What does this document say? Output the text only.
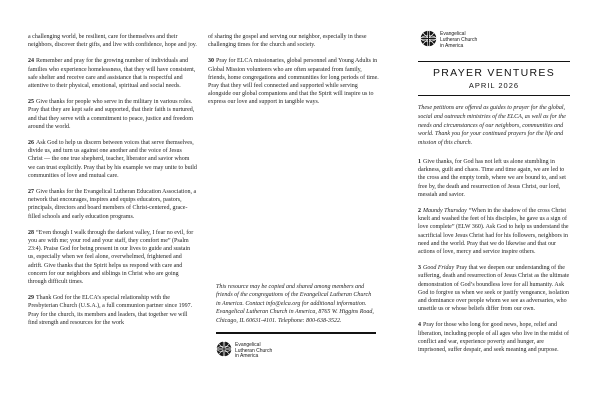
a challenging world, be resilient, care for themselves and their neighbors, discover their gifts, and live with confidence, hope and joy.

24 Remember and pray for the growing number of individuals and families who experience homelessness, that they will have consistent, safe shelter and receive care and assistance that is respectful and attentive to their physical, emotional, spiritual and social needs.

25 Give thanks for people who serve in the military in various roles. Pray that they are kept safe and supported, that their faith is nurtured, and that they serve with a commitment to peace, justice and freedom around the world.

26 Ask God to help us discern between voices that serve themselves, divide us, and turn us against one another and the voice of Jesus Christ — the one true shepherd, teacher, liberator and savior whom we can trust explicitly. Pray that by his example we may unite to build communities of love and mutual care.

27 Give thanks for the Evangelical Lutheran Education Association, a network that encourages, inspires and equips educators, pastors, principals, directors and board members of Christ-centered, grace-filled schools and early education programs.

28 “Even though I walk through the darkest valley, I fear no evil, for you are with me; your rod and your staff, they comfort me” (Psalm 23:4). Praise God for being present in our lives to guide and sustain us, especially when we feel alone, overwhelmed, frightened and adrift. Give thanks that the Spirit helps us respond with care and concern for our neighbors and siblings in Christ who are going through difficult times.

29 Thank God for the ELCA’s special relationship with the Presbyterian Church (U.S.A.), a full communion partner since 1997. Pray for the church, its members and leaders, that together we will find strength and resources for the work

of sharing the gospel and serving our neighbor, especially in these challenging times for the church and society.

30 Pray for ELCA missionaries, global personnel and Young Adults in Global Mission volunteers who are often separated from family, friends, home congregations and communities for long periods of time. Pray that they will feel connected and supported while serving alongside our global companions and that the Spirit will inspire us to express our love and support in tangible ways.

This resource may be copied and shared among members and friends of the congregations of the Evangelical Lutheran Church in America. Contact info@elca.org for additional information. Evangelical Lutheran Church in America, 8765 W. Higgins Road, Chicago, IL 60631-4101. Telephone: 800-638-3522.

Evangelical
Lutheran Church
in America
Evangelical
Lutheran Church
in America
PRAYER VENTURES
APRIL 2026

These petitions are offered as guides to prayer for the global, social and outreach ministries of the ELCA, as well as for the needs and circumstances of our neighbors, communities and world. Thank you for your continued prayers for the life and mission of this church.

1 Give thanks, for God has not left us alone stumbling in darkness, guilt and chaos. Time and time again, we are led to the cross and the empty tomb, where we are bound to, and set free by, the death and resurrection of Jesus Christ, our lord, messiah and savior.

2 Maundy Thursday “When in the shadow of the cross Christ knelt and washed the feet of his disciples, he gave us a sign of love complete” (ELW 360). Ask God to help us understand the sacrificial love Jesus Christ had for his followers, neighbors in need and the world. Pray that we do likewise and that our actions of love, mercy and service inspire others.

3 Good Friday Pray that we deepen our understanding of the suffering, death and resurrection of Jesus Christ as the ultimate demonstration of God’s boundless love for all humanity. Ask God to forgive us when we seek or justify vengeance, isolation and dominance over people whom we see as adversaries, who unsettle us or whose beliefs differ from our own.

4 Pray for those who long for good news, hope, relief and liberation, including people of all ages who live in the midst of conflict and war, experience poverty and hunger, are imprisoned, suffer despair, and seek meaning and purpose.
